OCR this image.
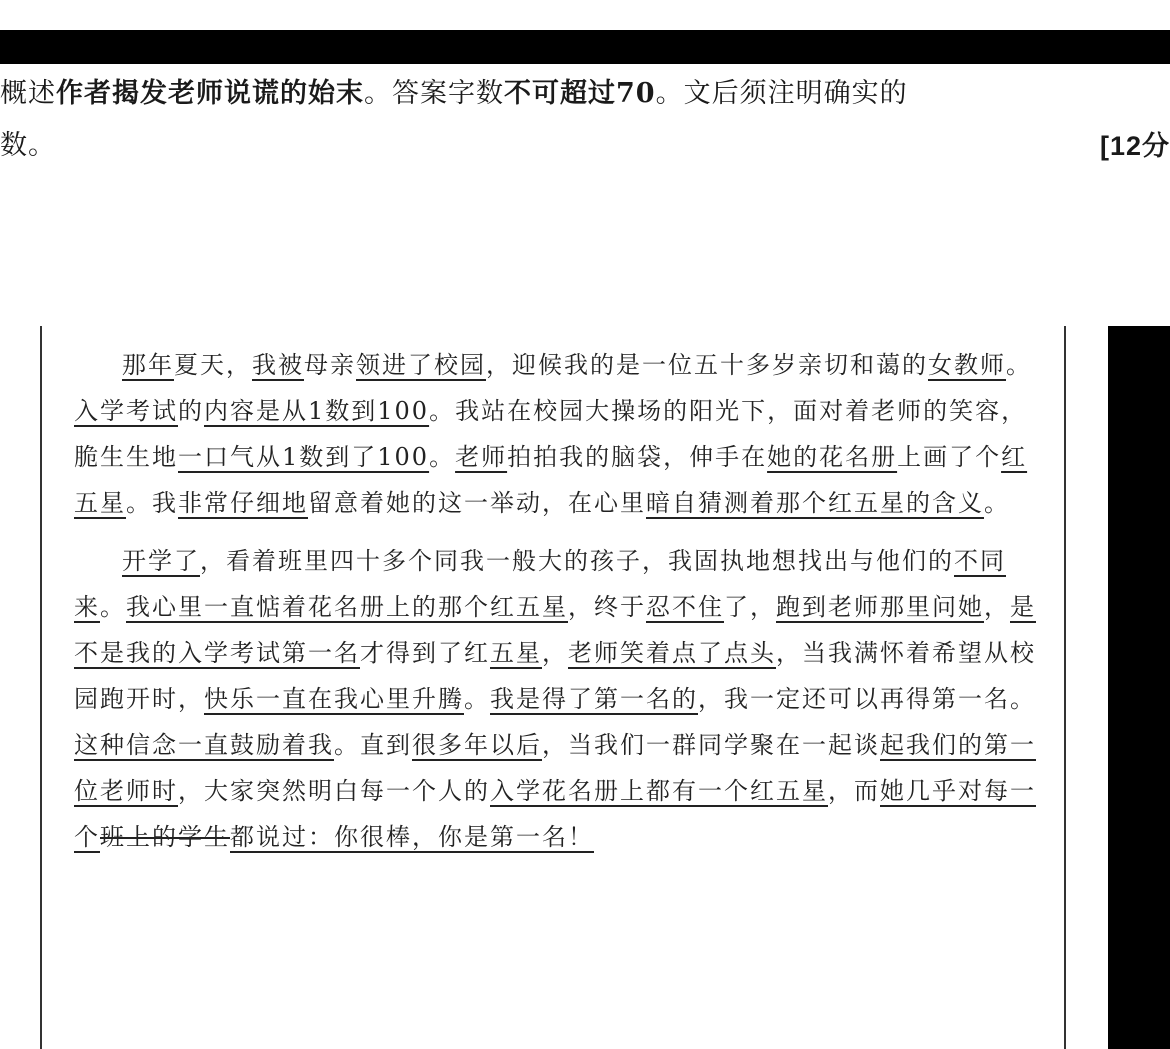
概述作者揭发老师说谎的始末。答案字数不可超过70。文后须注明确实的
数。	[12分

那年夏天，我被母亲领进了校园，迎候我的是一位五十多岁亲切和蔼的女教师。入学考试的内容是从1数到100。我站在校园大操场的阳光下，面对着老师的笑容，脆生生地一口气从1数到了100。老师拍拍我的脑袋，伸手在她的花名册上画了个红五星。我非常仔细地留意着她的这一举动，在心里暗自猜测着那个红五星的含义。

开学了，看着班里四十多个同我一般大的孩子，我固执地想找出与他们的不同来。我心里一直惦着花名册上的那个红五星，终于忍不住了，跑到老师那里问她，是不是我的入学考试第一名才得到了红五星，老师笑着点了点头，当我满怀着希望从校园跑开时，快乐一直在我心里升腾。我是得了第一名的，我一定还可以再得第一名。这种信念一直鼓励着我。直到很多年以后，当我们一群同学聚在一起谈起我们的第一位老师时，大家突然明白每一个人的入学花名册上都有一个红五星，而她几乎对每一个班上的学生都说过：你很棒，你是第一名！
